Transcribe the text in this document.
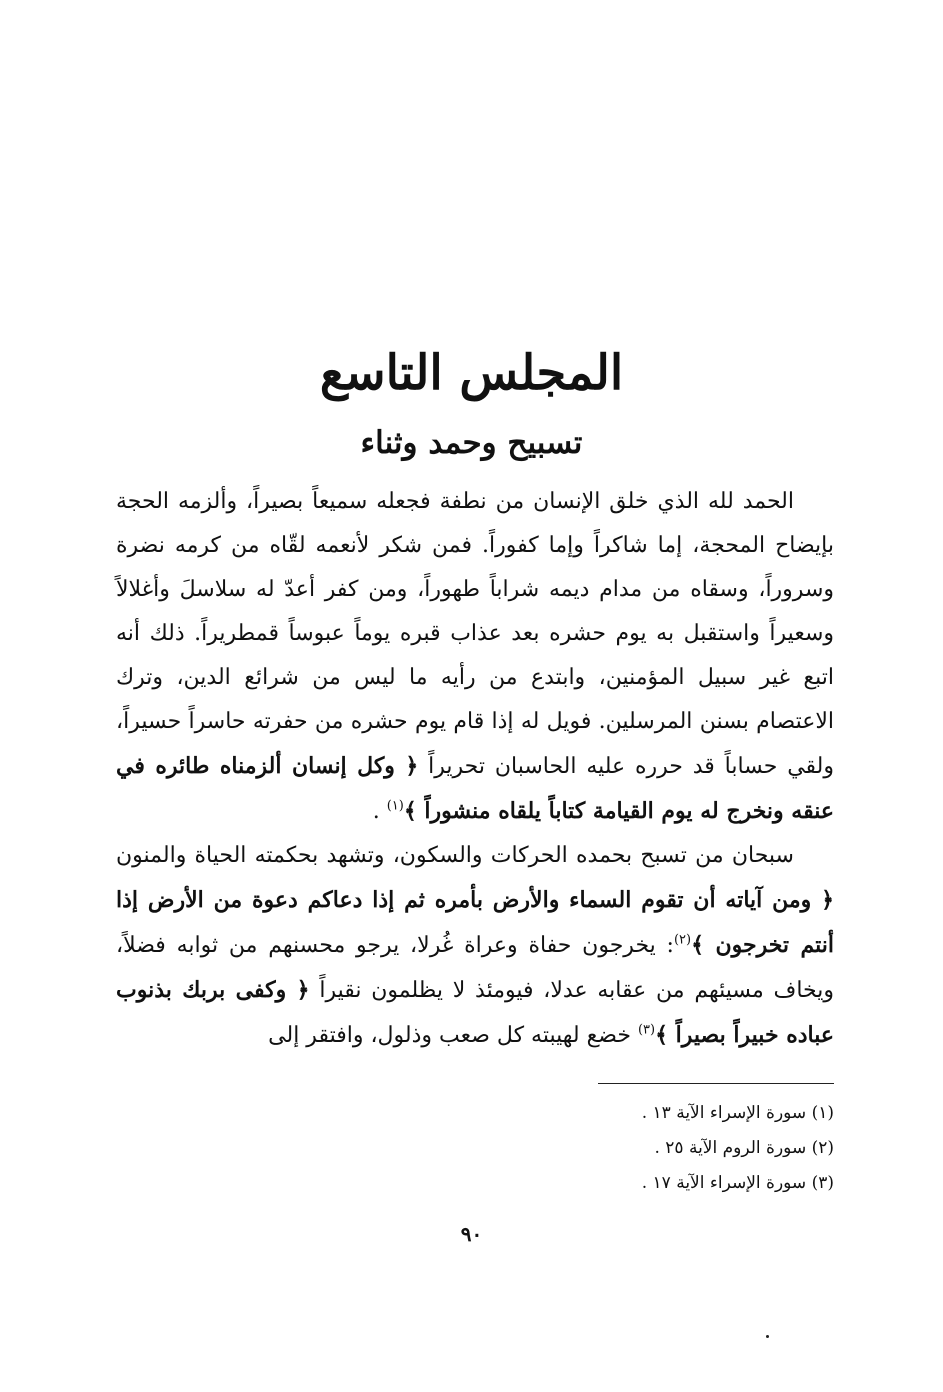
المجلس التاسع
تسبيح وحمد وثناء

الحمد لله الذي خلق الإنسان من نطفة فجعله سميعاً بصيراً، وألزمه الحجة بإيضاح المحجة، إما شاكراً وإما كفوراً. فمن شكر لأنعمه لقّاه من كرمه نضرة وسروراً، وسقاه من مدام ديمه شراباً طهوراً، ومن كفر أعدّ له سلاسلَ وأغلالاً وسعيراً واستقبل به يوم حشره بعد عذاب قبره يوماً عبوساً قمطريراً. ذلك أنه اتبع غير سبيل المؤمنين، وابتدع من رأيه ما ليس من شرائع الدين، وترك الاعتصام بسنن المرسلين. فويل له إذا قام يوم حشره من حفرته حاسراً حسيراً، ولقي حساباً قد حرره عليه الحاسبان تحريراً ﴿ وكل إنسان ألزمناه طائره في عنقه ونخرج له يوم القيامة كتاباً يلقاه منشوراً ﴾$^{(١)}$ .

سبحان من تسبح بحمده الحركات والسكون، وتشهد بحكمته الحياة والمنون ﴿ ومن آياته أن تقوم السماء والأرض بأمره ثم إذا دعاكم دعوة من الأرض إذا أنتم تخرجون ﴾$^{(٢)}$: يخرجون حفاة وعراة غُرلا، يرجو محسنهم من ثوابه فضلاً، ويخاف مسيئهم من عقابه عدلا، فيومئذ لا يظلمون نقيراً ﴿ وكفى بربك بذنوب عباده خبيراً بصيراً ﴾$^{(٣)}$ خضع لهيبته كل صعب وذلول، وافتقر إلى

(١) سورة الإسراء الآية ١٣ .
(٢) سورة الروم الآية ٢٥ .
(٣) سورة الإسراء الآية ١٧ .
٩٠
